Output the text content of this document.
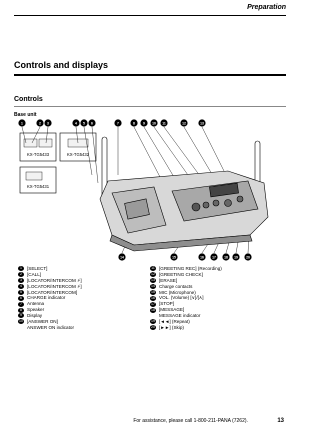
Preparation
Controls and displays
Controls
Base unit
1	2 3	4 5 6	7	8 9 10 11	12	13
14	15	16 17 18 19 20
KX-TG5433	KX-TG5432
KX-TG5431
1	[SELECT]
2	[CALL]
3	[LOCATOR/INTERCOM ⚡]
4	[LOCATOR/INTERCOM ⚡]
5	[LOCATOR/INTERCOM]
6	CHARGE indicator
7	Antenna
8	Speaker
9	Display
10 [ANSWER ON]
ANSWER ON indicator
11 [GREETING REC] (Recording)
12 [GREETING CHECK]
13 [ERASE]
14 Charge contacts
15 MIC (Microphone)
16 VOL. (Volume) [∨]/[∧]
17 [STOP]
18 [MESSAGE]
MESSAGE indicator
19 [◄◄] (Repeat)
20 [►►] (Skip)
For assistance, please call 1-800-211-PANA (7262).	13
